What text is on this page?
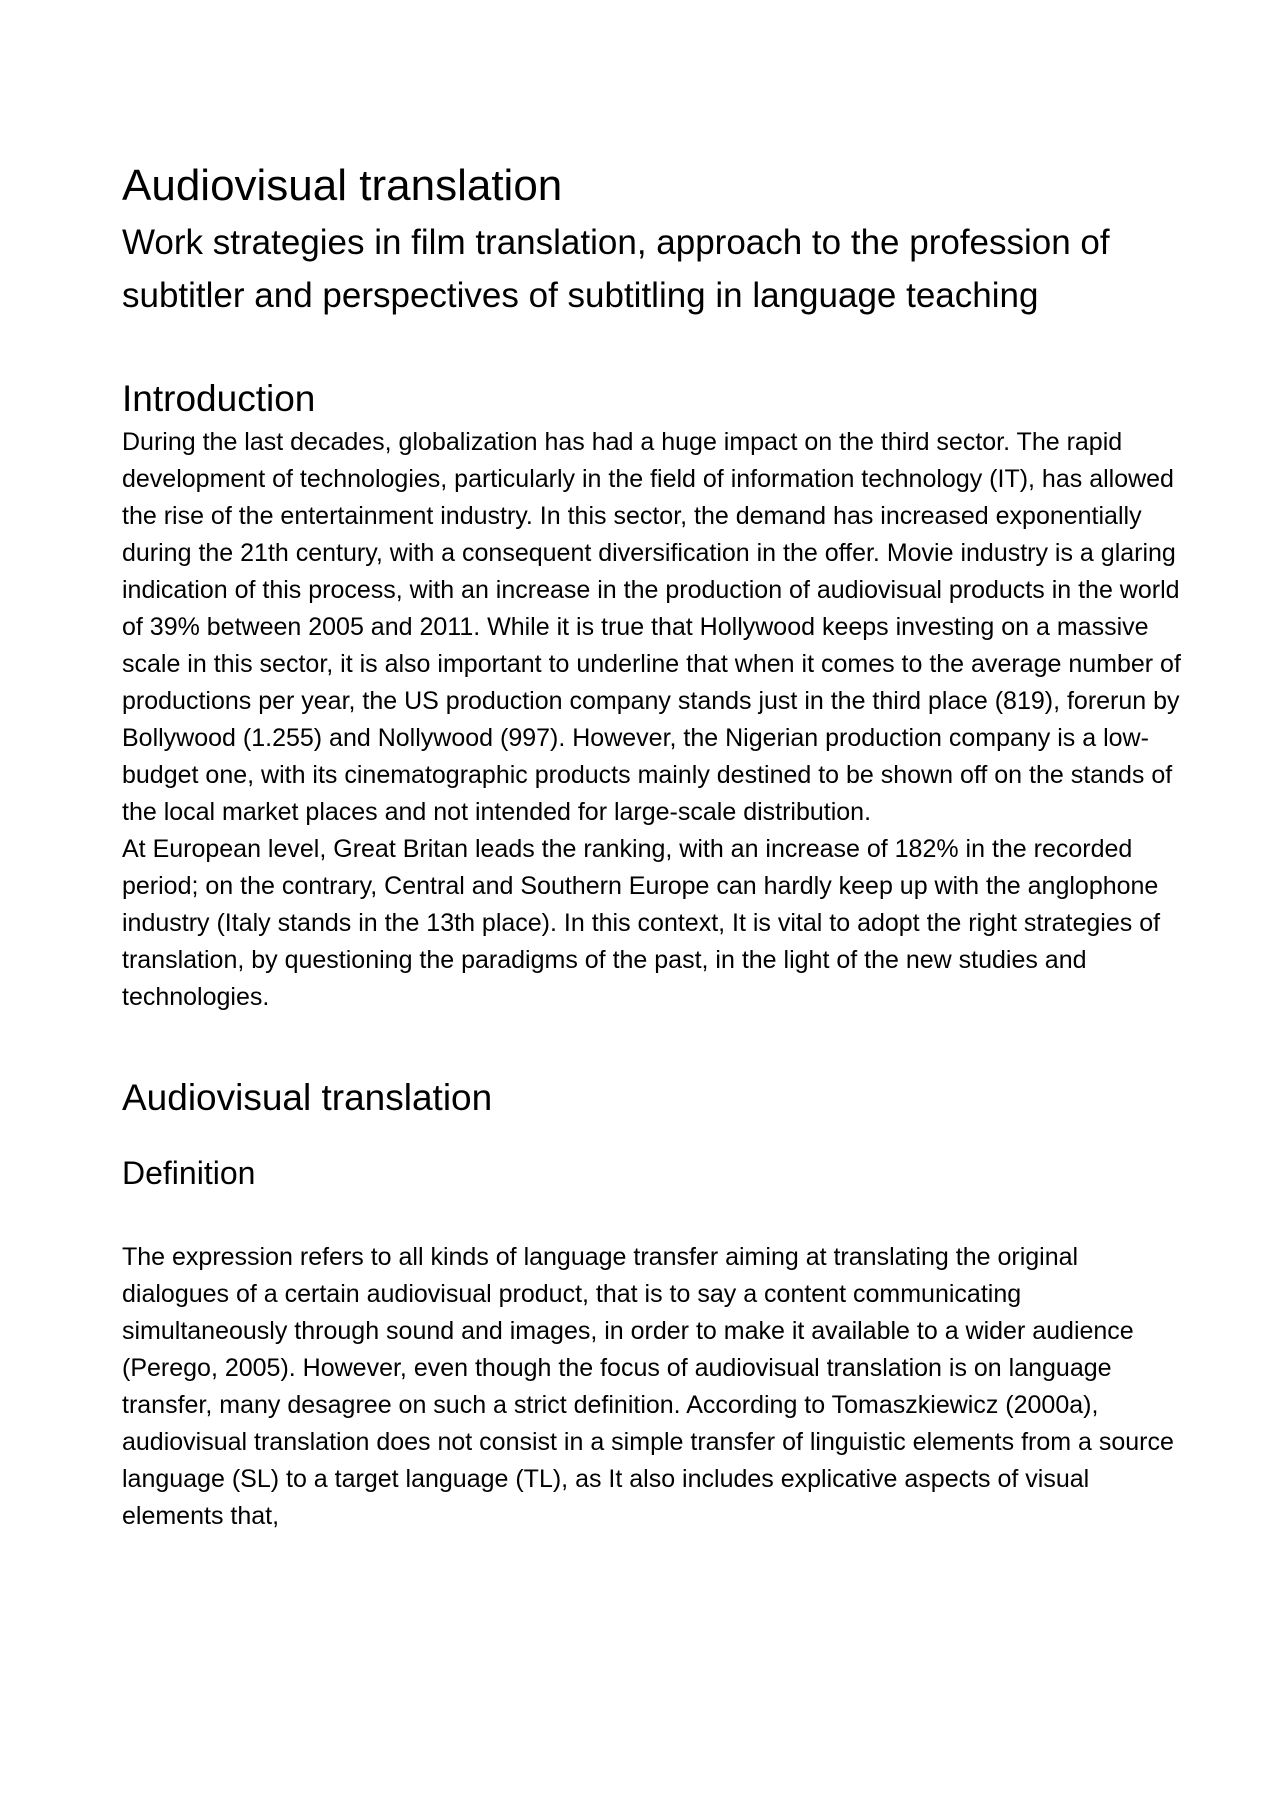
Audiovisual translation
Work strategies in film translation, approach to the profession of subtitler and perspectives of subtitling in language teaching
Introduction

During the last decades, globalization has had a huge impact on the third sector. The rapid development of technologies, particularly in the field of information technology (IT), has allowed the rise of the entertainment industry. In this sector, the demand has increased exponentially during the 21th century, with a consequent diversification in the offer. Movie industry is a glaring indication of this process, with an increase in the production of audiovisual products in the world of 39% between 2005 and 2011. While it is true that Hollywood keeps investing on a massive scale in this sector, it is also important to underline that when it comes to the average number of productions per year, the US production company stands just in the third place (819), forerun by Bollywood (1.255) and Nollywood (997). However, the Nigerian production company is a low-budget one, with its cinematographic products mainly destined to be shown off on the stands of the local market places and not intended for large-scale distribution.

At European level, Great Britan leads the ranking, with an increase of 182% in the recorded period; on the contrary, Central and Southern Europe can hardly keep up with the anglophone industry (Italy stands in the 13th place). In this context, It is vital to adopt the right strategies of translation, by questioning the paradigms of the past, in the light of the new studies and technologies.

Audiovisual translation
Definition

The expression refers to all kinds of language transfer aiming at translating the original dialogues of a certain audiovisual product, that is to say a content communicating simultaneously through sound and images, in order to make it available to a wider audience (Perego, 2005). However, even though the focus of audiovisual translation is on language transfer, many desagree on such a strict definition. According to Tomaszkiewicz (2000a), audiovisual translation does not consist in a simple transfer of linguistic elements from a source language (SL) to a target language (TL), as It also includes explicative aspects of visual elements that,
